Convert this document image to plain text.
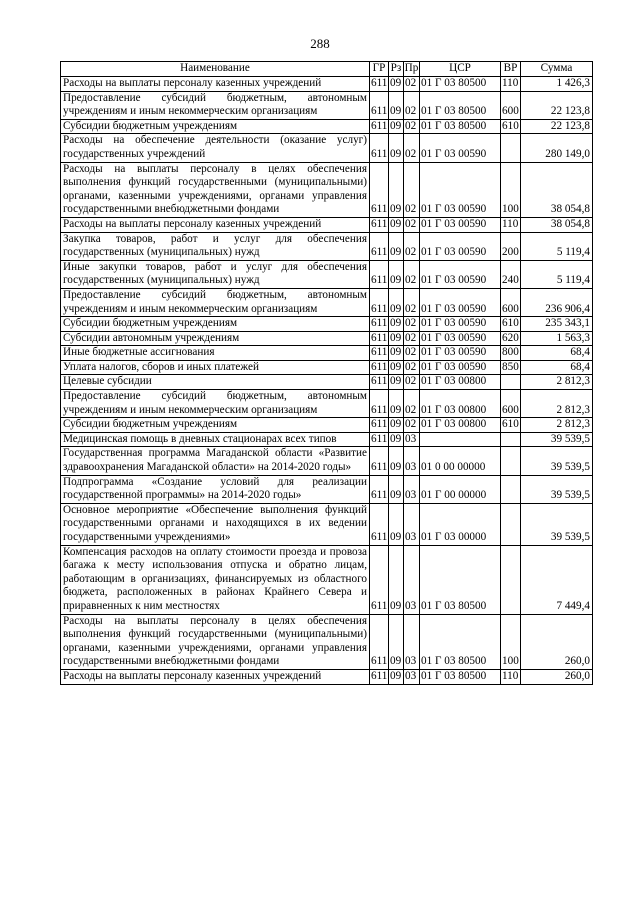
288
Наименование	ГР	Рз	Пр	ЦСР	ВР	Сумма
Расходы на выплаты персоналу казенных учреждений	611	09	02	01 Г 03 80500	110	1 426,3
Предоставление субсидий бюджетным, автономным учреждениям и иным некоммерческим организациям	611	09	02	01 Г 03 80500	600	22 123,8
Субсидии бюджетным учреждениям	611	09	02	01 Г 03 80500	610	22 123,8
Расходы на обеспечение деятельности (оказание услуг) государственных учреждений	611	09	02	01 Г 03 00590		280 149,0
Расходы на выплаты персоналу в целях обеспечения выполнения функций государственными (муниципальными) органами, казенными учреждениями, органами управления государственными внебюджетными фондами	611	09	02	01 Г 03 00590	100	38 054,8
Расходы на выплаты персоналу казенных учреждений	611	09	02	01 Г 03 00590	110	38 054,8
Закупка товаров, работ и услуг для обеспечения государственных (муниципальных) нужд	611	09	02	01 Г 03 00590	200	5 119,4
Иные закупки товаров, работ и услуг для обеспечения государственных (муниципальных) нужд	611	09	02	01 Г 03 00590	240	5 119,4
Предоставление субсидий бюджетным, автономным учреждениям и иным некоммерческим организациям	611	09	02	01 Г 03 00590	600	236 906,4
Субсидии бюджетным учреждениям	611	09	02	01 Г 03 00590	610	235 343,1
Субсидии автономным учреждениям	611	09	02	01 Г 03 00590	620	1 563,3
Иные бюджетные ассигнования	611	09	02	01 Г 03 00590	800	68,4
Уплата налогов, сборов и иных платежей	611	09	02	01 Г 03 00590	850	68,4
Целевые субсидии	611	09	02	01 Г 03 00800		2 812,3
Предоставление субсидий бюджетным, автономным учреждениям и иным некоммерческим организациям	611	09	02	01 Г 03 00800	600	2 812,3
Субсидии бюджетным учреждениям	611	09	02	01 Г 03 00800	610	2 812,3
Медицинская помощь в дневных стационарах всех типов	611	09	03			39 539,5
Государственная программа Магаданской области «Развитие здравоохранения Магаданской области» на 2014-2020 годы»	611	09	03	01 0 00 00000		39 539,5
Подпрограмма «Создание условий для реализации государственной программы» на 2014-2020 годы»	611	09	03	01 Г 00 00000		39 539,5
Основное мероприятие «Обеспечение выполнения функций государственными органами и находящихся в их ведении государственными учреждениями»	611	09	03	01 Г 03 00000		39 539,5
Компенсация расходов на оплату стоимости проезда и провоза багажа к месту использования отпуска и обратно лицам, работающим в организациях, финансируемых из областного бюджета, расположенных в районах Крайнего Севера и приравненных к ним местностях	611	09	03	01 Г 03 80500		7 449,4
Расходы на выплаты персоналу в целях обеспечения выполнения функций государственными (муниципальными) органами, казенными учреждениями, органами управления государственными внебюджетными фондами	611	09	03	01 Г 03 80500	100	260,0
Расходы на выплаты персоналу казенных учреждений	611	09	03	01 Г 03 80500	110	260,0
